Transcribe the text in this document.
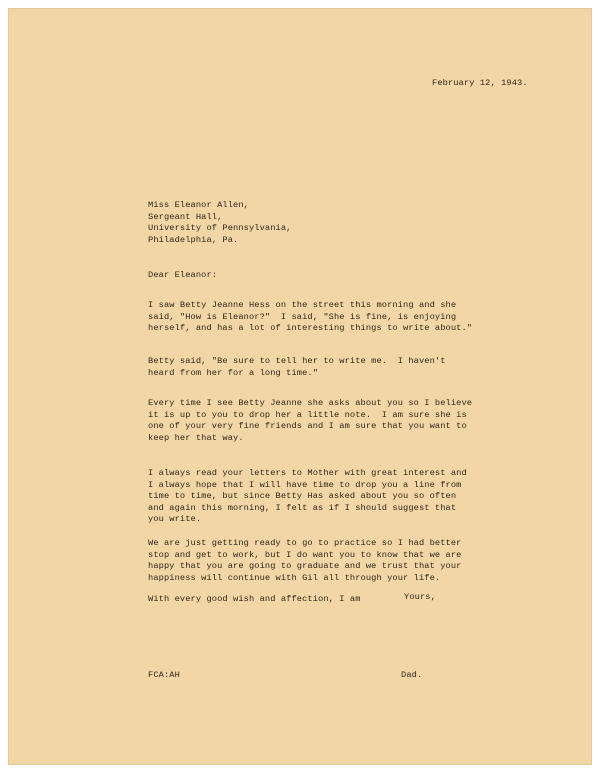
February 12, 1943.
Miss Eleanor Allen,
Sergeant Hall,
University of Pennsylvania,
Philadelphia, Pa.
Dear Eleanor:
I saw Betty Jeanne Hess on the street this morning and she
said, "How is Eleanor?"  I said, "She is fine, is enjoying
herself, and has a lot of interesting things to write about."
Betty said, "Be sure to tell her to write me.  I haven't
heard from her for a long time."
Every time I see Betty Jeanne she asks about you so I believe
it is up to you to drop her a little note.  I am sure she is
one of your very fine friends and I am sure that you want to
keep her that way.
I always read your letters to Mother with great interest and
I always hope that I will have time to drop you a line from
time to time, but since Betty Has asked about you so often
and again this morning, I felt as if I should suggest that
you write.
We are just getting ready to go to practice so I had better
stop and get to work, but I do want you to know that we are
happy that you are going to graduate and we trust that your
happiness will continue with Gil all through your life.
With every good wish and affection, I am	Yours,
FCA:AH	Dad.
